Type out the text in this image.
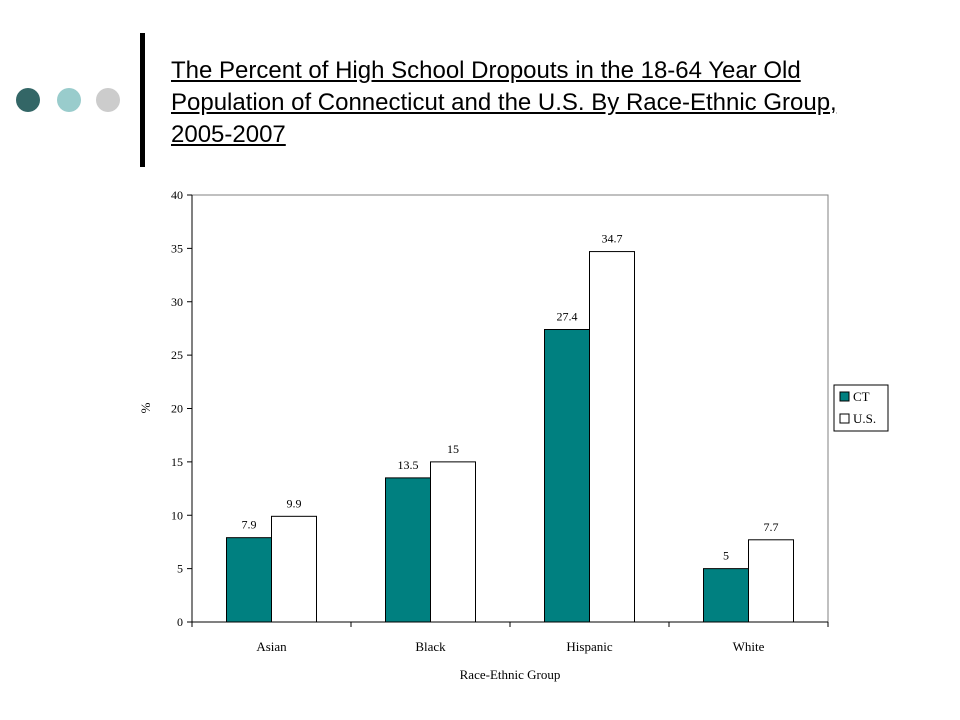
The Percent of High School Dropouts in the 18-64 Year Old Population of Connecticut and the U.S. By Race-Ethnic Group, 2005-2007
0
5
10
15
20
25
30
35
40
7.9
9.9
13.5
15
27.4
34.7
5
7.7
Asian	Black	Hispanic	White
%
Race-Ethnic Group
CT
U.S.
